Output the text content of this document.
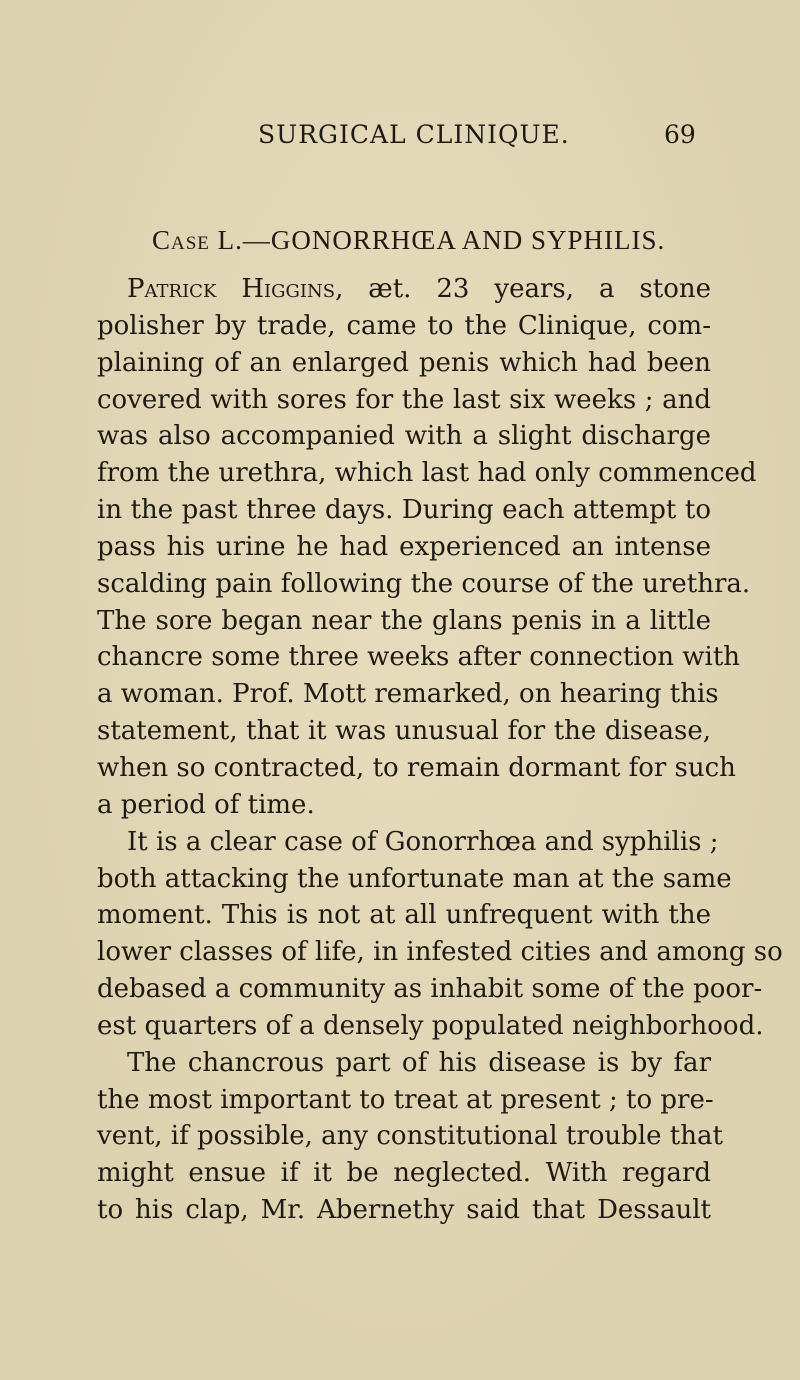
SURGICAL CLINIQUE.	69
Case L.—GONORRHŒA AND SYPHILIS.
Patrick Higgins, æt. 23 years, a stone
polisher by trade, came to the Clinique, com-
plaining of an enlarged penis which had been
covered with sores for the last six weeks ; and
was also accompanied with a slight discharge
from the urethra, which last had only commenced
in the past three days. During each attempt to
pass his urine he had experienced an intense
scalding pain following the course of the urethra.
The sore began near the glans penis in a little
chancre some three weeks after connection with
a woman. Prof. Mott remarked, on hearing this
statement, that it was unusual for the disease,
when so contracted, to remain dormant for such
a period of time.
It is a clear case of Gonorrhœa and syphilis ;
both attacking the unfortunate man at the same
moment. This is not at all unfrequent with the
lower classes of life, in infested cities and among so
debased a community as inhabit some of the poor-
est quarters of a densely populated neighborhood.
The chancrous part of his disease is by far
the most important to treat at present ; to pre-
vent, if possible, any constitutional trouble that
might ensue if it be neglected. With regard
to his clap, Mr. Abernethy said that Dessault
